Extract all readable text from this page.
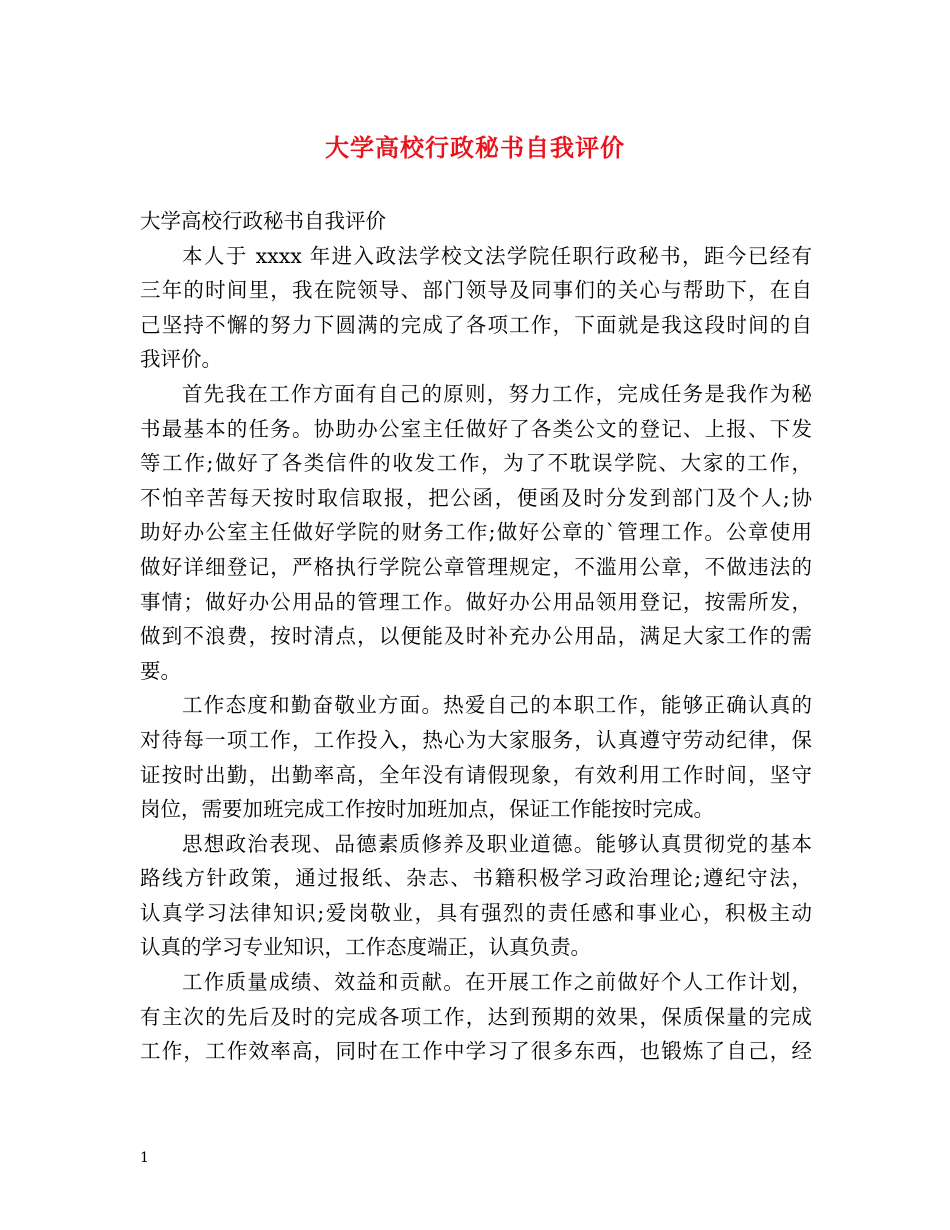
大学高校行政秘书自我评价
大学高校行政秘书自我评价
本人于 xxxx 年进入政法学校文法学院任职行政秘书，距今已经有
三年的时间里，我在院领导、部门领导及同事们的关心与帮助下，在自
己坚持不懈的努力下圆满的完成了各项工作，下面就是我这段时间的自
我评价。
首先我在工作方面有自己的原则，努力工作，完成任务是我作为秘
书最基本的任务。协助办公室主任做好了各类公文的登记、上报、下发
等工作;做好了各类信件的收发工作，为了不耽误学院、大家的工作，
不怕辛苦每天按时取信取报，把公函，便函及时分发到部门及个人;协
助好办公室主任做好学院的财务工作;做好公章的`管理工作。公章使用
做好详细登记，严格执行学院公章管理规定，不滥用公章，不做违法的
事情；做好办公用品的管理工作。做好办公用品领用登记，按需所发，
做到不浪费，按时清点，以便能及时补充办公用品，满足大家工作的需
要。
工作态度和勤奋敬业方面。热爱自己的本职工作，能够正确认真的
对待每一项工作，工作投入，热心为大家服务，认真遵守劳动纪律，保
证按时出勤，出勤率高，全年没有请假现象，有效利用工作时间，坚守
岗位，需要加班完成工作按时加班加点，保证工作能按时完成。
思想政治表现、品德素质修养及职业道德。能够认真贯彻党的基本
路线方针政策，通过报纸、杂志、书籍积极学习政治理论;遵纪守法，
认真学习法律知识;爱岗敬业，具有强烈的责任感和事业心，积极主动
认真的学习专业知识，工作态度端正，认真负责。
工作质量成绩、效益和贡献。在开展工作之前做好个人工作计划，
有主次的先后及时的完成各项工作，达到预期的效果，保质保量的完成
工作，工作效率高，同时在工作中学习了很多东西，也锻炼了自己，经
1
